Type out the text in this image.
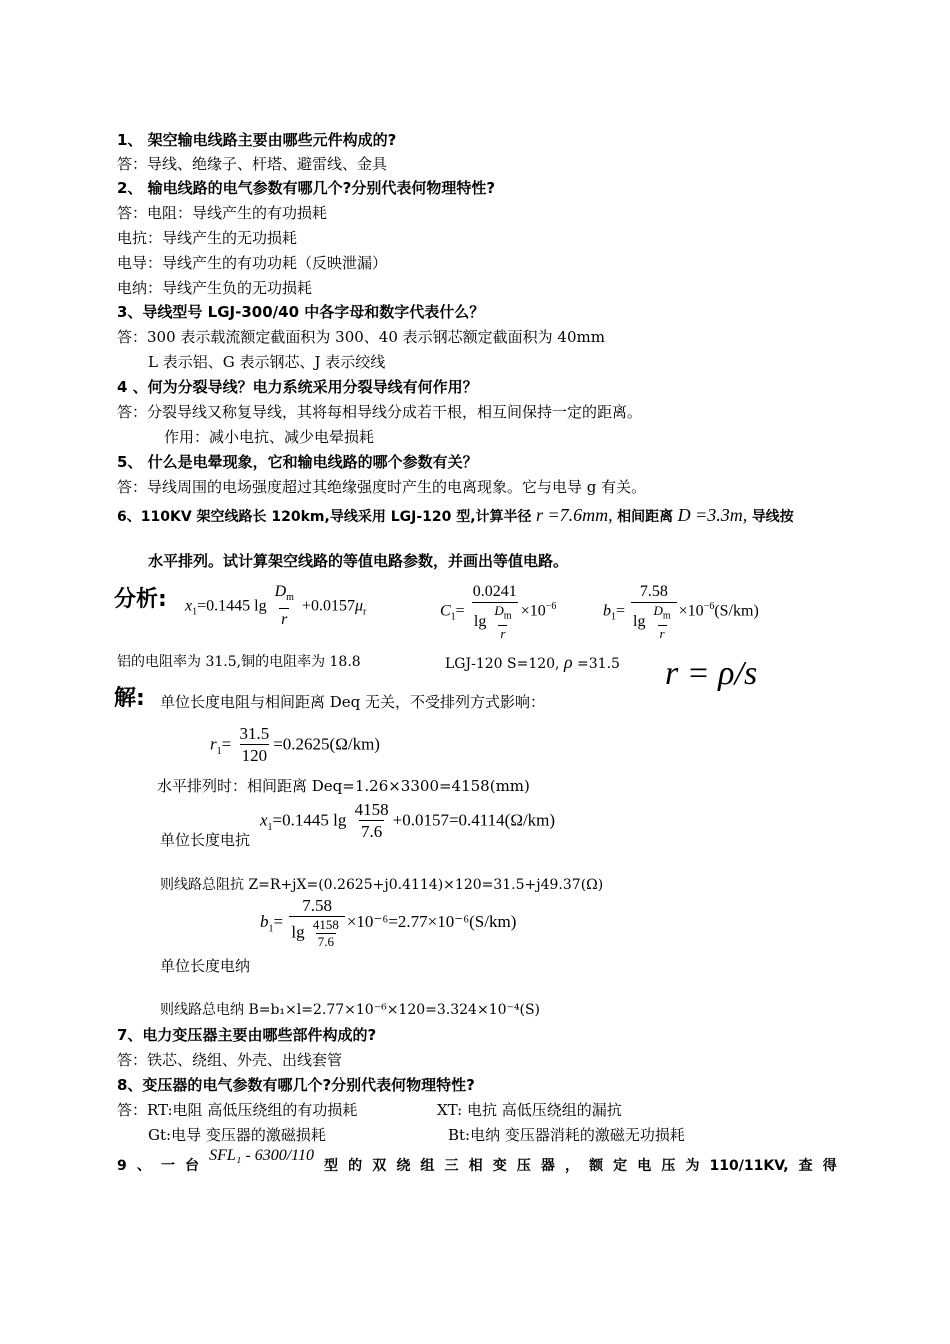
1、 架空输电线路主要由哪些元件构成的?
答：导线、绝缘子、杆塔、避雷线、金具
2、 输电线路的电气参数有哪几个?分别代表何物理特性?
答：电阻：导线产生的有功损耗
电抗：导线产生的无功损耗
电导：导线产生的有功功耗（反映泄漏）
电纳：导线产生负的无功损耗
3、导线型号 LGJ-300/40 中各字母和数字代表什么？
答：300 表示载流额定截面积为 300、40 表示钢芯额定截面积为 40mm
L 表示铝、G 表示钢芯、J 表示绞线
4 、何为分裂导线？电力系统采用分裂导线有何作用？
答：分裂导线又称复导线，其将每相导线分成若干根，相互间保持一定的距离。
作用：减小电抗、减少电晕损耗
5、 什么是电晕现象，它和输电线路的哪个参数有关？
答：导线周围的电场强度超过其绝缘强度时产生的电离现象。它与电导 g 有关。
6、110KV 架空线路长 120km,导线采用 LGJ-120 型,计算半径 r =7.6mm, 相间距离 D =3.3m, 导线按
水平排列。试计算架空线路的等值电路参数，并画出等值电路。
分析: $x_1=0.1445$ $\lg \frac{D_m}{r} +0.0157\mu_r$	$C_1= \frac{0.0241}{\lg \frac{D_m}{r}} \times 10^{-6}$	$b_1= \frac{7.58}{\lg \frac{D_m}{r}} \times 10^{-6}(S/km)$
铝的电阻率为 31.5,铜的电阻率为 18.8	LGJ-120 S=120, ρ =31.5 r = ρ/s
解: 单位长度电阻与相间距离 Deq 无关，不受排列方式影响：
$r_1= \frac{31.5}{120} =0.2625(\Omega/km)$
水平排列时：相间距离 Deq=1.26×3300=4158(mm)
$x_1=0.1445$ $\lg \frac{4158}{7.6} +0.0157=0.4114(\Omega/km)$
单位长度电抗
则线路总阻抗 Z=R+jX=(0.2625+j0.4114)×120=31.5+j49.37(Ω)
$b_1= \frac{7.58}{\lg \frac{4158}{7.6}} \times 10^{-6}=2.77\times 10^{-6}(S/km)$
单位长度电纳
则线路总电纳 B=b₁×l=2.77×10⁻⁶×120=3.324×10⁻⁴(S)
7、电力变压器主要由哪些部件构成的?
答：铁芯、绕组、外壳、出线套管
8、变压器的电气参数有哪几个?分别代表何物理特性?
答：RT:电阻 高低压绕组的有功损耗	XT: 电抗 高低压绕组的漏抗
Gt:电导 变压器的激磁损耗	Bt:电纳 变压器消耗的激磁无功损耗
9 、 一 台
SFL₁ - 6300/110
型 的 双 绕 组 三 相 变 压 器 ， 额 定 电 压 为 110/11KV, 查 得
